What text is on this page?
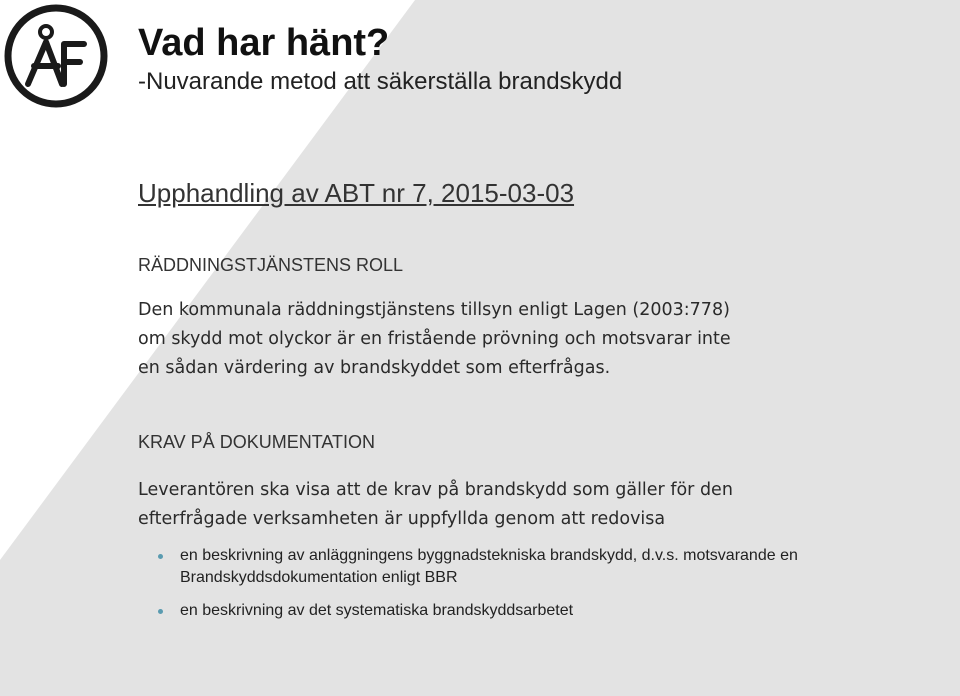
Vad har hänt?
-Nuvarande metod att säkerställa brandskydd
Upphandling av ABT nr 7, 2015-03-03
RÄDDNINGSTJÄNSTENS ROLL
Den kommunala räddningstjänstens tillsyn enligt Lagen (2003:778)
om skydd mot olyckor är en fristående prövning och motsvarar inte
en sådan värdering av brandskyddet som efterfrågas.
KRAV PÅ DOKUMENTATION
Leverantören ska visa att de krav på brandskydd som gäller för den
efterfrågade verksamheten är uppfyllda genom att redovisa
en beskrivning av anläggningens byggnadstekniska brandskydd, d.v.s. motsvarande en
Brandskyddsdokumentation enligt BBR
en beskrivning av det systematiska brandskyddsarbetet
